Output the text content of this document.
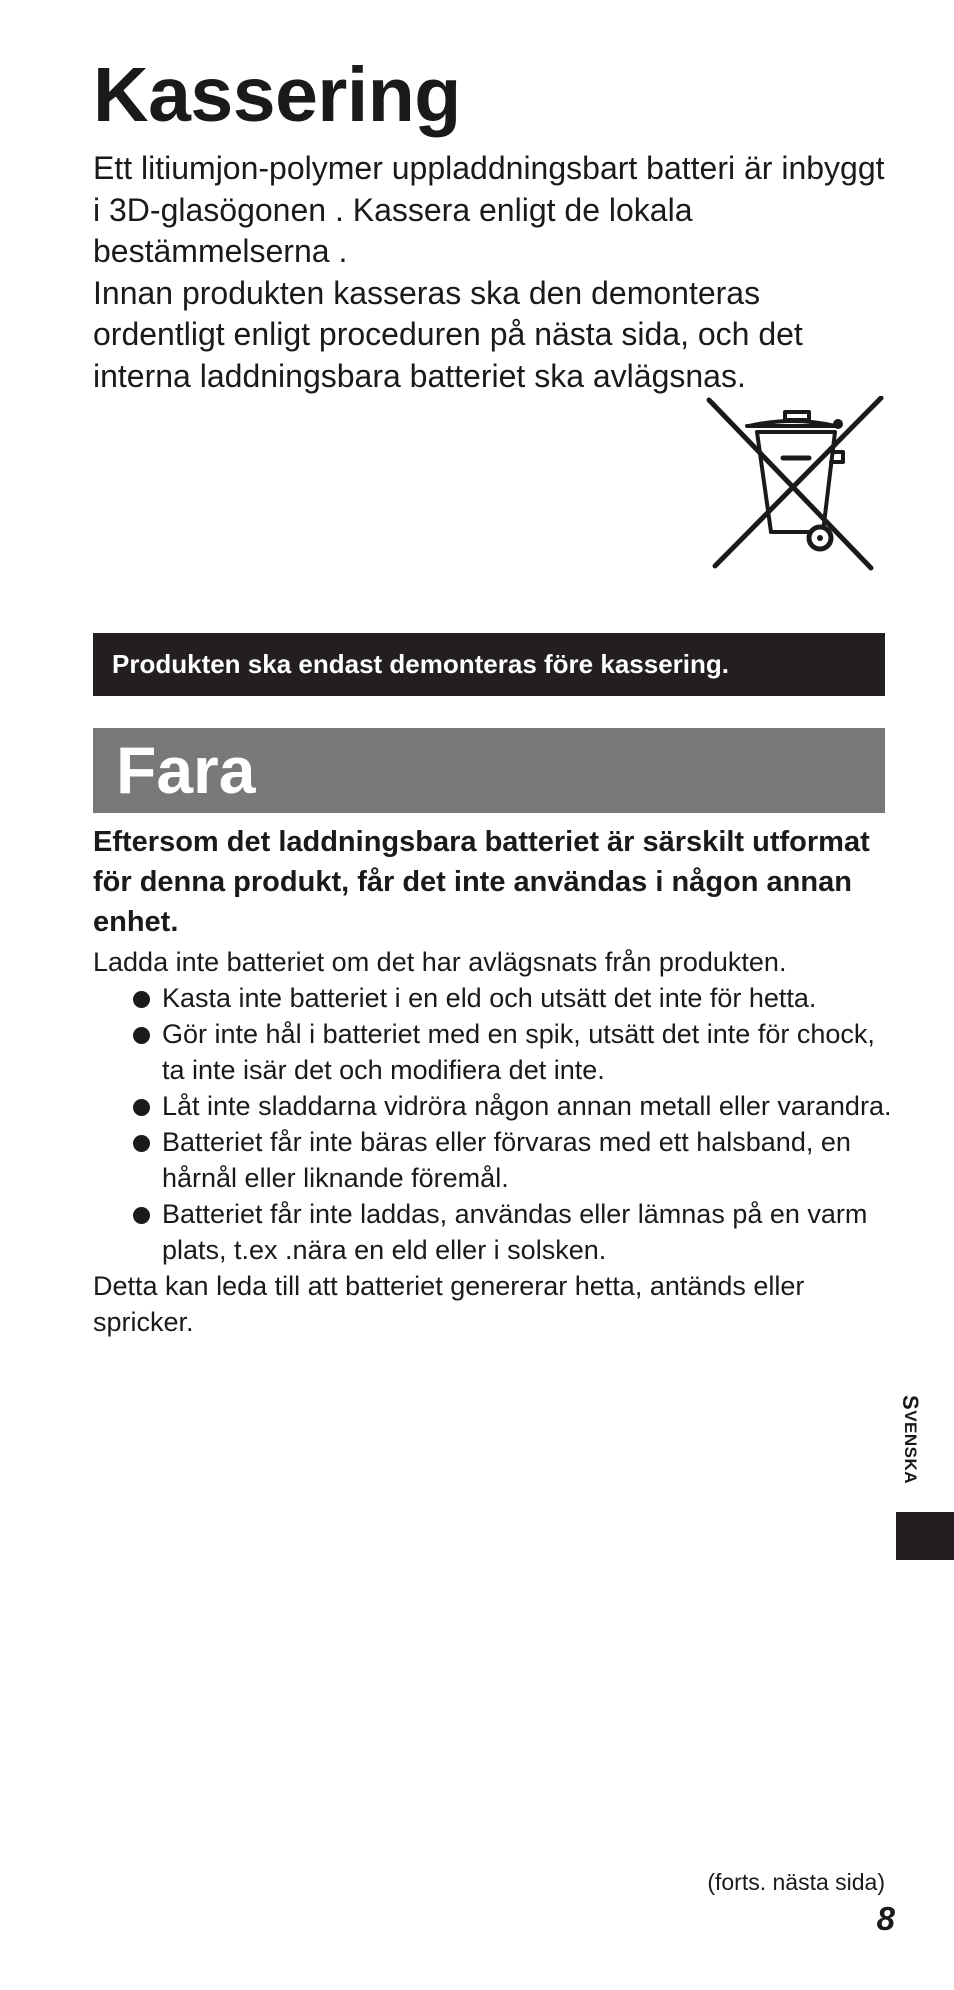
Kassering

Ett litiumjon-polymer uppladdningsbart batteri är inbyggt i 3D-glasögonen . Kassera enligt de lokala bestämmelserna .

Innan produkten kasseras ska den demonteras ordentligt enligt proceduren på nästa sida, och det interna laddningsbara batteriet ska avlägsnas.

Produkten ska endast demonteras före kassering.
Fara

Eftersom det laddningsbara batteriet är särskilt utformat för denna produkt, får det inte användas i någon annan enhet.

Ladda inte batteriet om det har avlägsnats från produkten.

Kasta inte batteriet i en eld och utsätt det inte för hetta.
Gör inte hål i batteriet med en spik, utsätt det inte för chock, ta inte isär det och modifiera det inte.
Låt inte sladdarna vidröra någon annan metall eller varandra.
Batteriet får inte bäras eller förvaras med ett halsband, en hårnål eller liknande föremål.
Batteriet får inte laddas, användas eller lämnas på en varm plats, t.ex .nära en eld eller i solsken.

Detta kan leda till att batteriet genererar hetta, antänds eller spricker.

SVENSKA
(forts. nästa sida)
8
